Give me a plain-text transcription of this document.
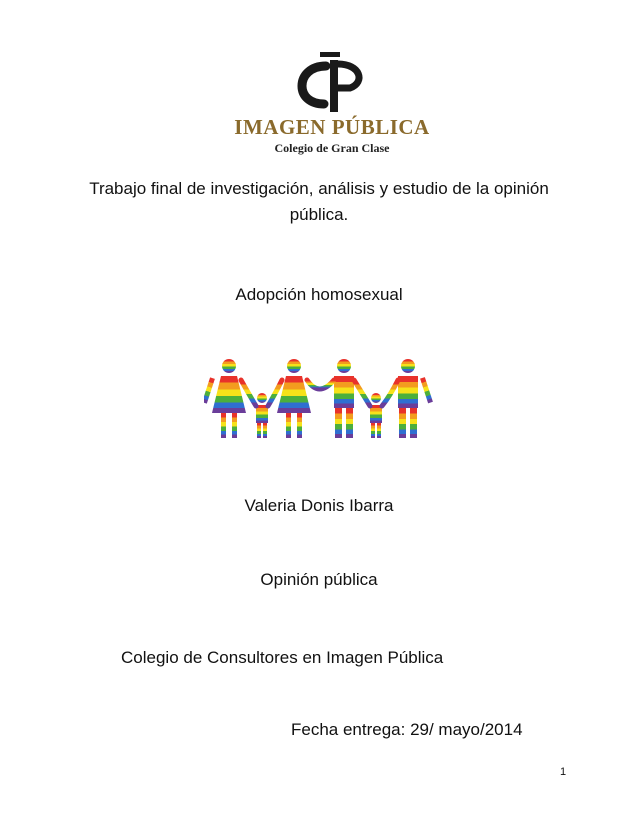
IMAGEN PÚBLICA
Colegio de Gran Clase
Trabajo final de investigación, análisis y estudio de la opinión pública.
Adopción homosexual
Valeria Donis Ibarra
Opinión pública
Colegio de Consultores en Imagen Pública
Fecha entrega: 29/ mayo/2014
1
